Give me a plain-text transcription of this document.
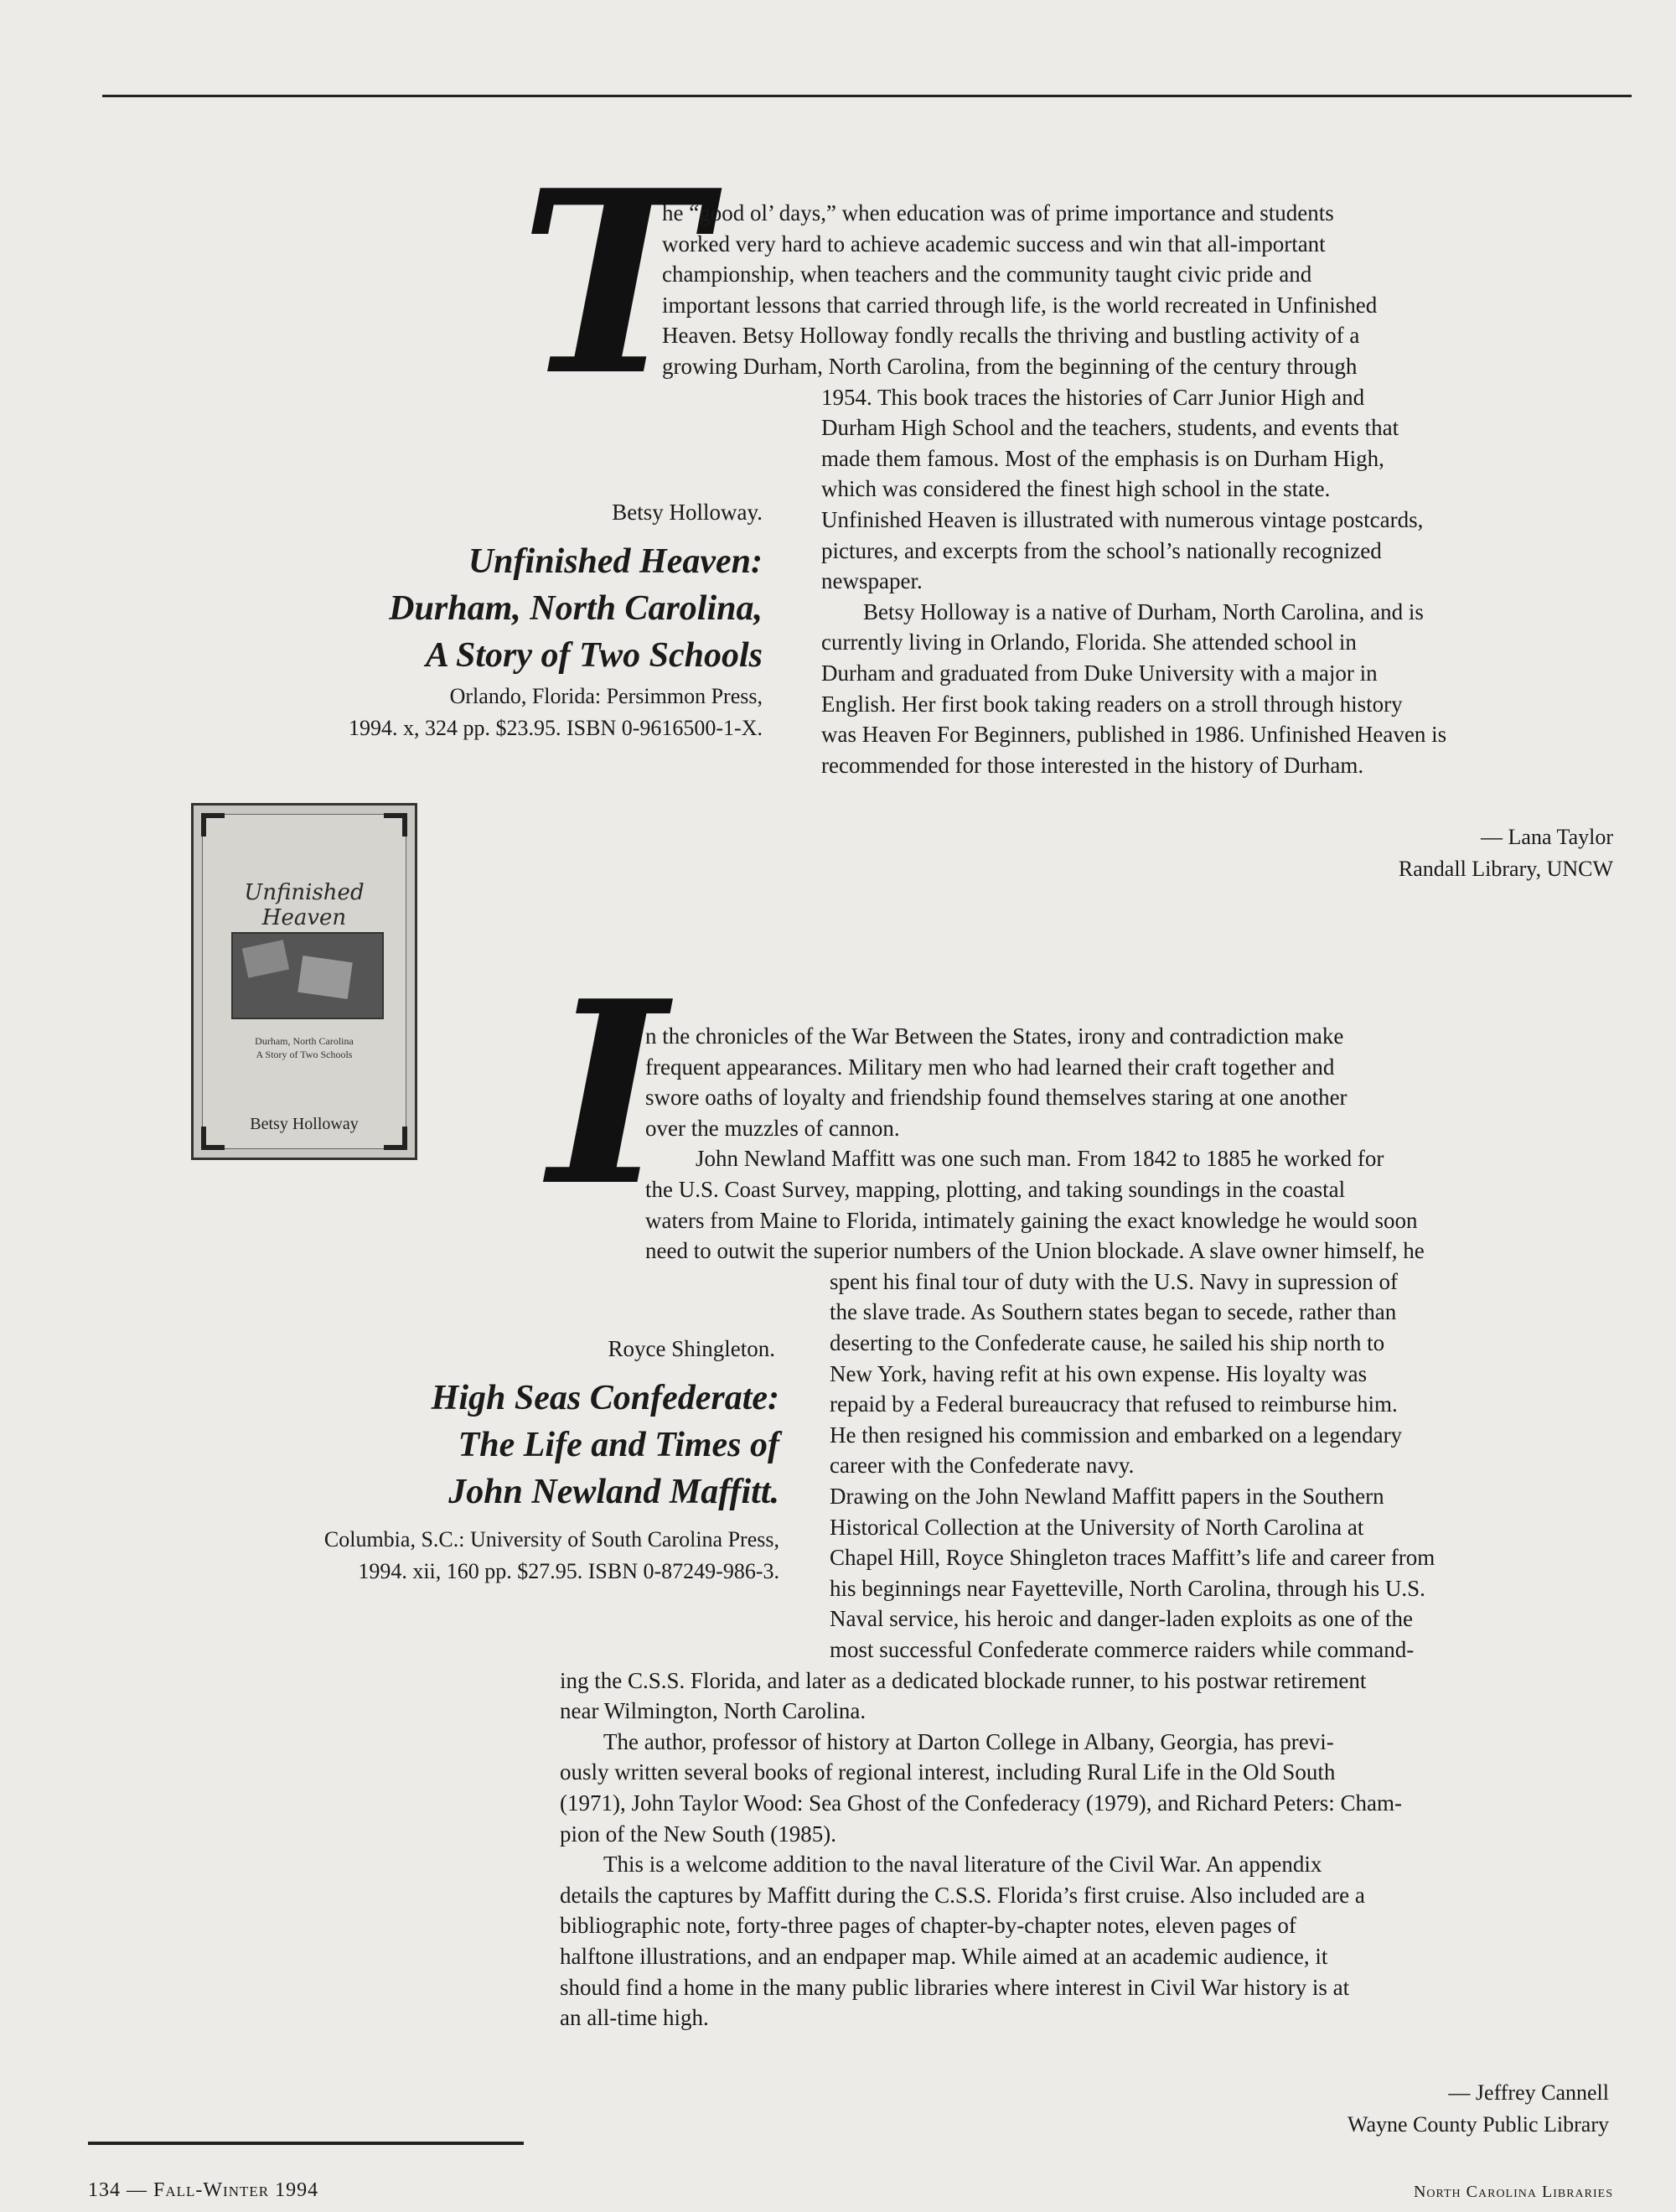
Betsy Holloway.
Unfinished Heaven:
Durham, North Carolina,
A Story of Two Schools
Orlando, Florida: Persimmon Press,
1994. x, 324 pp. $23.95. ISBN 0-9616500-1-X.
Unfinished Heaven
Durham, North Carolina
A Story of Two Schools
Betsy Holloway
T
he “good ol’ days,” when education was of prime importance and students
worked very hard to achieve academic success and win that all-important
championship, when teachers and the community taught civic pride and
important lessons that carried through life, is the world recreated in Unfinished
Heaven. Betsy Holloway fondly recalls the thriving and bustling activity of a
growing Durham, North Carolina, from the beginning of the century through
1954. This book traces the histories of Carr Junior High and
Durham High School and the teachers, students, and events that
made them famous. Most of the emphasis is on Durham High,
which was considered the finest high school in the state.
Unfinished Heaven is illustrated with numerous vintage postcards,
pictures, and excerpts from the school’s nationally recognized
newspaper.
Betsy Holloway is a native of Durham, North Carolina, and is
currently living in Orlando, Florida. She attended school in
Durham and graduated from Duke University with a major in
English. Her first book taking readers on a stroll through history
was Heaven For Beginners, published in 1986. Unfinished Heaven is
recommended for those interested in the history of Durham.
— Lana Taylor
Randall Library, UNCW
Royce Shingleton.
High Seas Confederate:
The Life and Times of
John Newland Maffitt.
Columbia, S.C.: University of South Carolina Press,
1994. xii, 160 pp. $27.95. ISBN 0-87249-986-3.
I
n the chronicles of the War Between the States, irony and contradiction make
frequent appearances. Military men who had learned their craft together and
swore oaths of loyalty and friendship found themselves staring at one another
over the muzzles of cannon.
John Newland Maffitt was one such man. From 1842 to 1885 he worked for
the U.S. Coast Survey, mapping, plotting, and taking soundings in the coastal
waters from Maine to Florida, intimately gaining the exact knowledge he would soon
need to outwit the superior numbers of the Union blockade. A slave owner himself, he
spent his final tour of duty with the U.S. Navy in supression of
the slave trade. As Southern states began to secede, rather than
deserting to the Confederate cause, he sailed his ship north to
New York, having refit at his own expense. His loyalty was
repaid by a Federal bureaucracy that refused to reimburse him.
He then resigned his commission and embarked on a legendary
career with the Confederate navy.
Drawing on the John Newland Maffitt papers in the Southern
Historical Collection at the University of North Carolina at
Chapel Hill, Royce Shingleton traces Maffitt’s life and career from
his beginnings near Fayetteville, North Carolina, through his U.S.
Naval service, his heroic and danger-laden exploits as one of the
most successful Confederate commerce raiders while command-
ing the C.S.S. Florida, and later as a dedicated blockade runner, to his postwar retirement
near Wilmington, North Carolina.
The author, professor of history at Darton College in Albany, Georgia, has previ-
ously written several books of regional interest, including Rural Life in the Old South
(1971), John Taylor Wood: Sea Ghost of the Confederacy (1979), and Richard Peters: Cham-
pion of the New South (1985).
This is a welcome addition to the naval literature of the Civil War. An appendix
details the captures by Maffitt during the C.S.S. Florida’s first cruise. Also included are a
bibliographic note, forty-three pages of chapter-by-chapter notes, eleven pages of
halftone illustrations, and an endpaper map. While aimed at an academic audience, it
should find a home in the many public libraries where interest in Civil War history is at
an all-time high.
— Jeffrey Cannell
Wayne County Public Library
134 — Fall-Winter 1994	North Carolina Libraries
